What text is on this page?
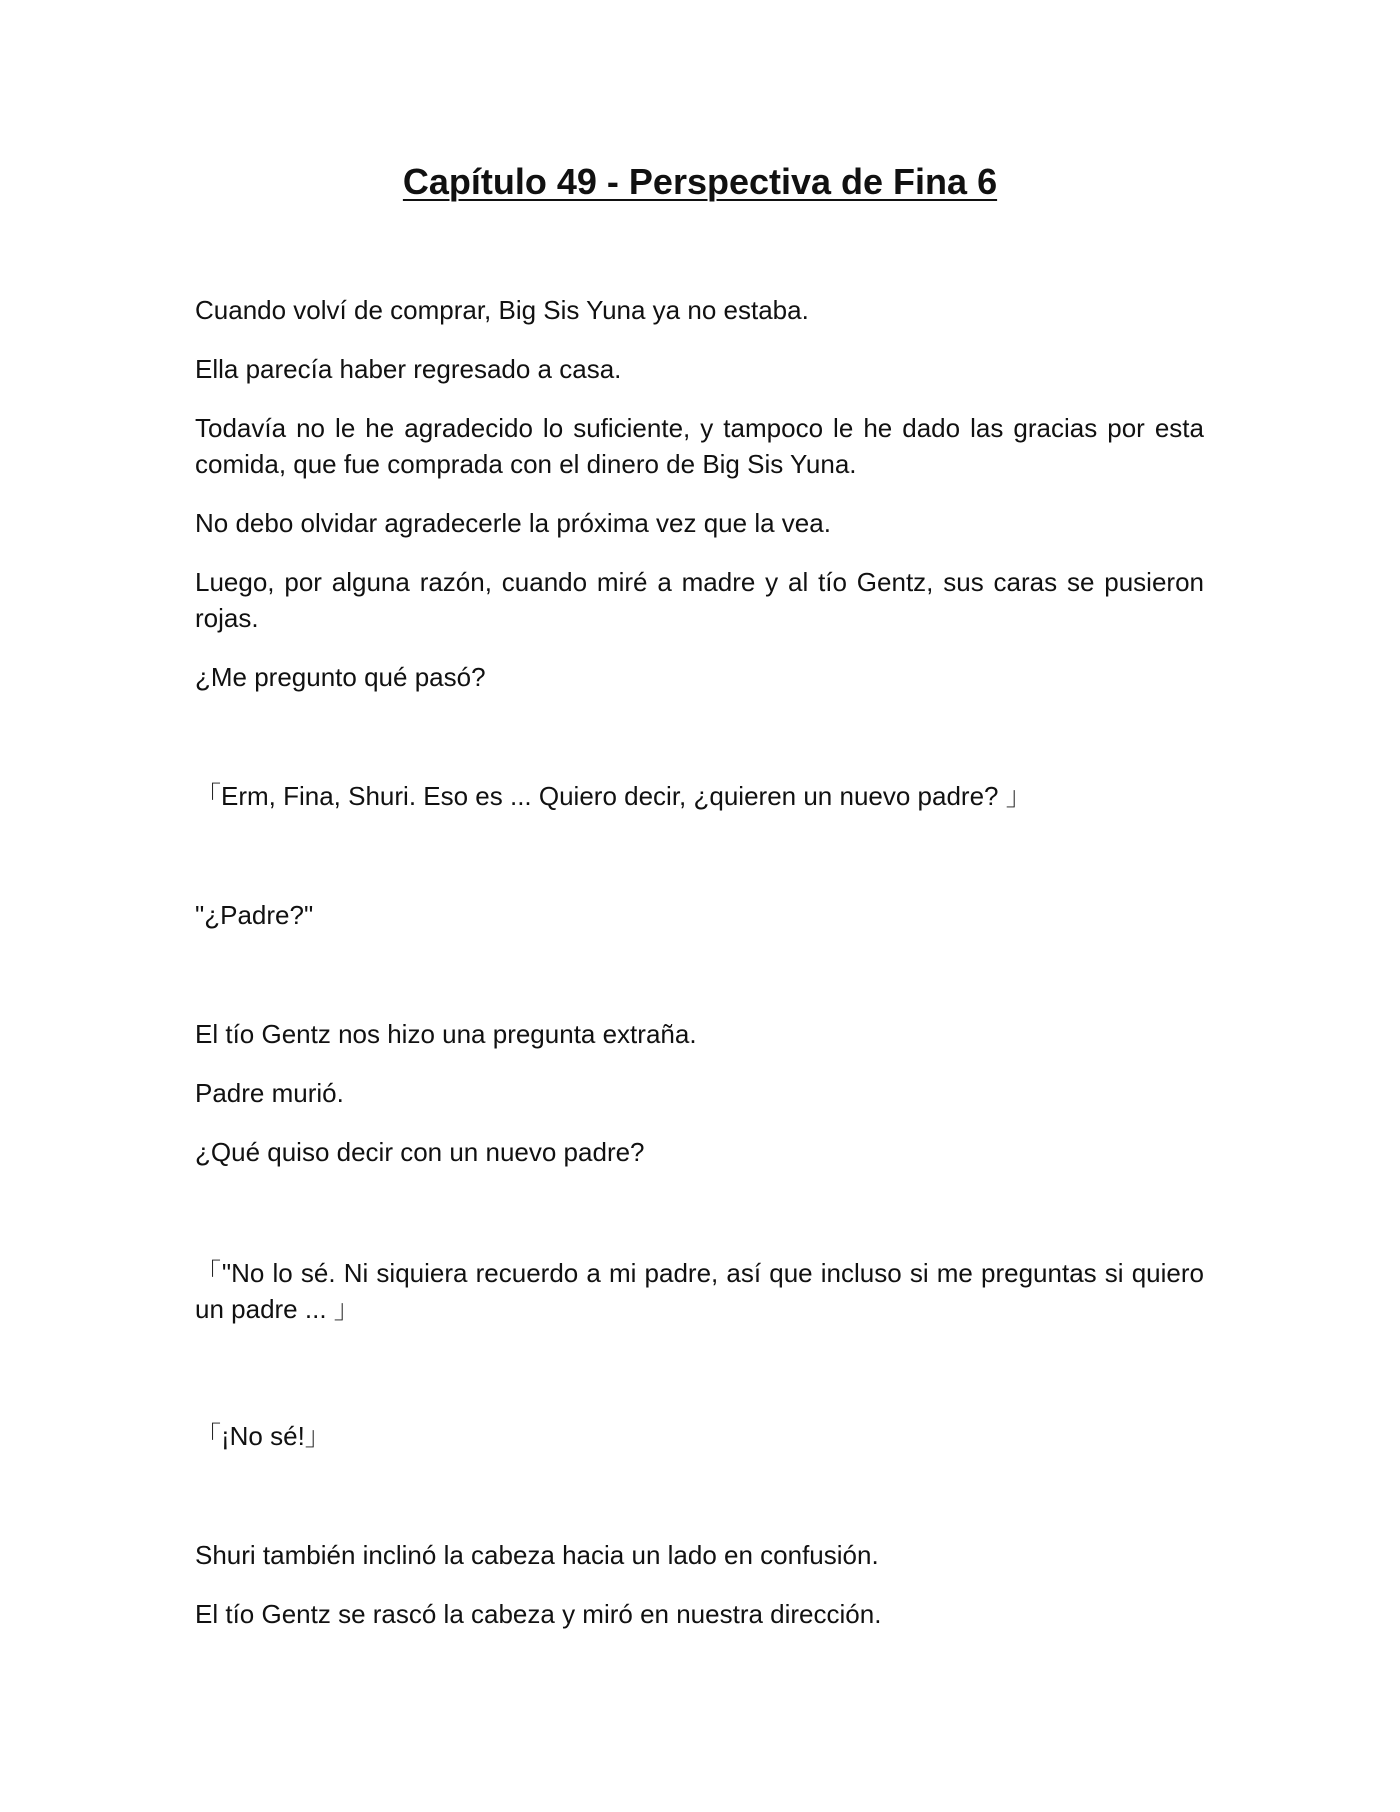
Capítulo 49 - Perspectiva de Fina 6

Cuando volví de comprar, Big Sis Yuna ya no estaba.

Ella parecía haber regresado a casa.

Todavía no le he agradecido lo suficiente, y tampoco le he dado las gracias por esta comida, que fue comprada con el dinero de Big Sis Yuna.

No debo olvidar agradecerle la próxima vez que la vea.

Luego, por alguna razón, cuando miré a madre y al tío Gentz, sus caras se pusieron rojas.

¿Me pregunto qué pasó?

「Erm, Fina, Shuri. Eso es ... Quiero decir, ¿quieren un nuevo padre? 」

"¿Padre?"

El tío Gentz nos hizo una pregunta extraña.

Padre murió.

¿Qué quiso decir con un nuevo padre?

「"No lo sé. Ni siquiera recuerdo a mi padre, así que incluso si me preguntas si quiero un padre ... 」

「¡No sé!」

Shuri también inclinó la cabeza hacia un lado en confusión.

El tío Gentz se rascó la cabeza y miró en nuestra dirección.
